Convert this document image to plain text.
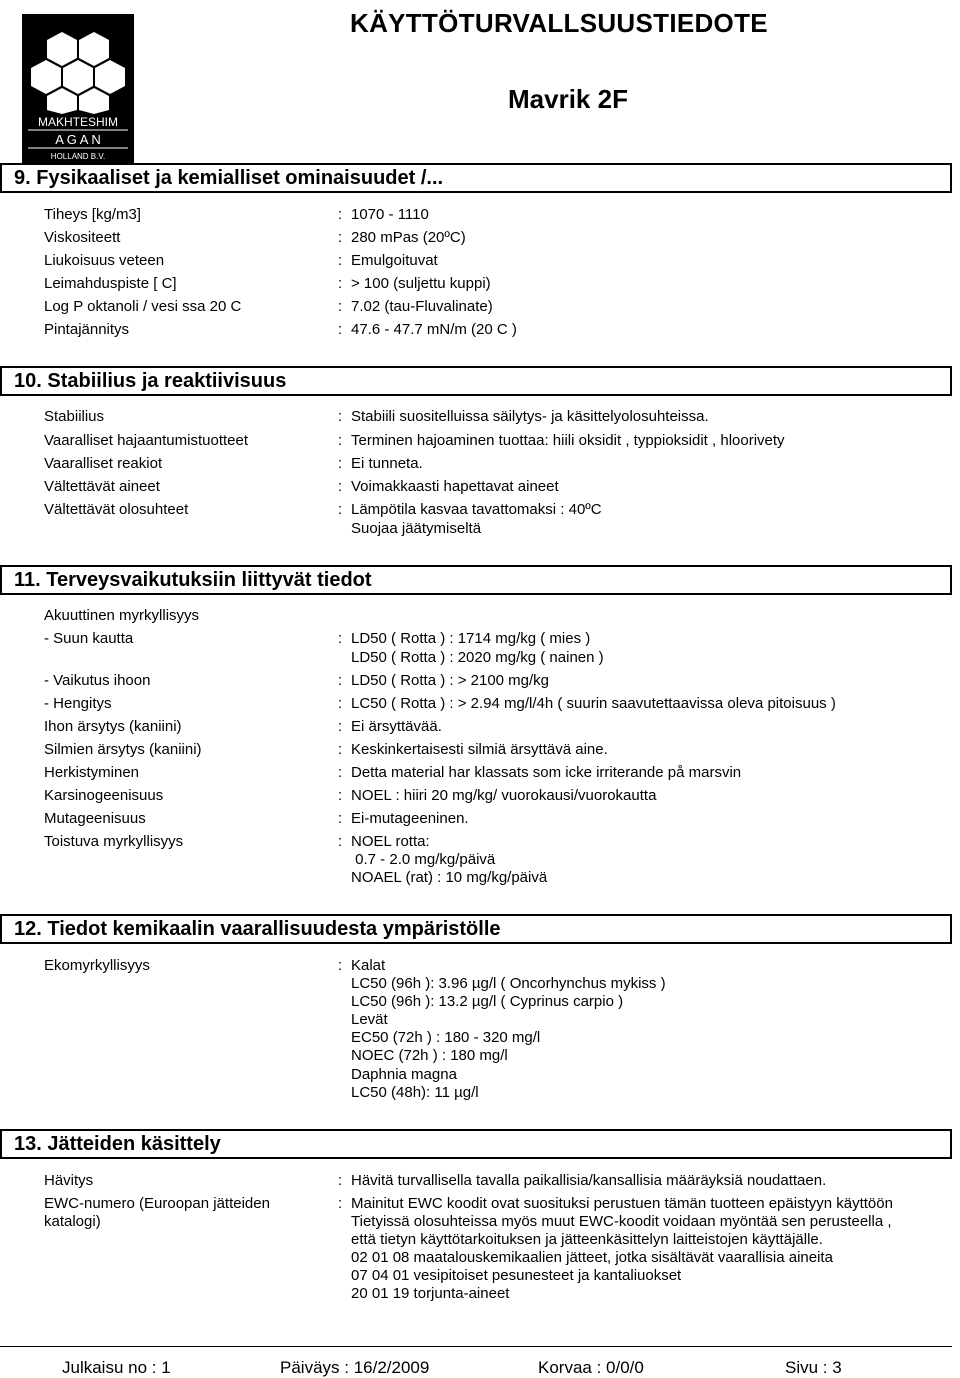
MAKHTESHIM
A G A N
HOLLAND B.V.
KÄYTTÖTURVALLSUUSTIEDOTE
Mavrik 2F
9. Fysikaaliset ja kemialliset ominaisuudet /...
Tiheys [kg/m3]	: 1070 - 1110
Viskositeett	: 280 mPas (20ºC)
Liukoisuus veteen	: Emulgoituvat
Leimahduspiste [ C]	: > 100 (suljettu kuppi)
Log P oktanoli / vesi ssa 20 C	: 7.02 (tau-Fluvalinate)
Pintajännitys	: 47.6 - 47.7 mN/m (20 C )
10. Stabiilius ja reaktiivisuus
Stabiilius	: Stabiili suositelluissa säilytys- ja käsittelyolosuhteissa.
Vaaralliset hajaantumistuotteet	: Terminen hajoaminen tuottaa: hiili oksidit , typpioksidit , hloorivety
Vaaralliset reakiot	: Ei tunneta.
Vältettävät aineet	: Voimakkaasti hapettavat aineet
Vältettävät olosuhteet	: Lämpötila kasvaa tavattomaksi : 40ºC
Suojaa jäätymiseltä
11. Terveysvaikutuksiin liittyvät tiedot
Akuuttinen myrkyllisyys
- Suun kautta	: LD50 ( Rotta ) : 1714 mg/kg ( mies )
LD50 ( Rotta ) : 2020 mg/kg ( nainen )
- Vaikutus ihoon	: LD50 ( Rotta ) : > 2100 mg/kg
- Hengitys	: LC50 ( Rotta ) : > 2.94 mg/l/4h ( suurin saavutettaavissa oleva pitoisuus )
Ihon ärsytys (kaniini)	: Ei ärsyttävää.
Silmien ärsytys (kaniini)	: Keskinkertaisesti silmiä ärsyttävä aine.
Herkistyminen	: Detta material har klassats som icke irriterande på marsvin
Karsinogeenisuus	: NOEL : hiiri 20 mg/kg/ vuorokausi/vuorokautta
Mutageenisuus	: Ei-mutageeninen.
Toistuva myrkyllisyys	: NOEL rotta:
0.7 - 2.0 mg/kg/päivä
NOAEL (rat) : 10 mg/kg/päivä
12. Tiedot kemikaalin vaarallisuudesta ympäristölle
Ekomyrkyllisyys	: Kalat
LC50 (96h ): 3.96 µg/l ( Oncorhynchus mykiss )
LC50 (96h ): 13.2 µg/l ( Cyprinus carpio )
Levät
EC50 (72h ) : 180 - 320 mg/l
NOEC (72h ) : 180 mg/l
Daphnia magna
LC50 (48h): 11 µg/l
13. Jätteiden käsittely
Hävitys	: Hävitä turvallisella tavalla paikallisia/kansallisia määräyksiä noudattaen.
EWC-numero (Euroopan jätteiden
katalogi)
: Mainitut EWC koodit ovat suosituksi perustuen tämän tuotteen epäistyyn käyttöön
Tietyissä olosuhteissa myös muut EWC-koodit voidaan myöntää sen perusteella ,
että tietyn käyttötarkoituksen ja jätteenkäsittelyn laitteistojen käyttäjälle.
02 01 08 maatalouskemikaalien jätteet, jotka sisältävät vaarallisia aineita
07 04 01 vesipitoiset pesunesteet ja kantaliuokset
20 01 19 torjunta-aineet
Julkaisu no : 1	Päiväys : 16/2/2009	Korvaa : 0/0/0	Sivu : 3
